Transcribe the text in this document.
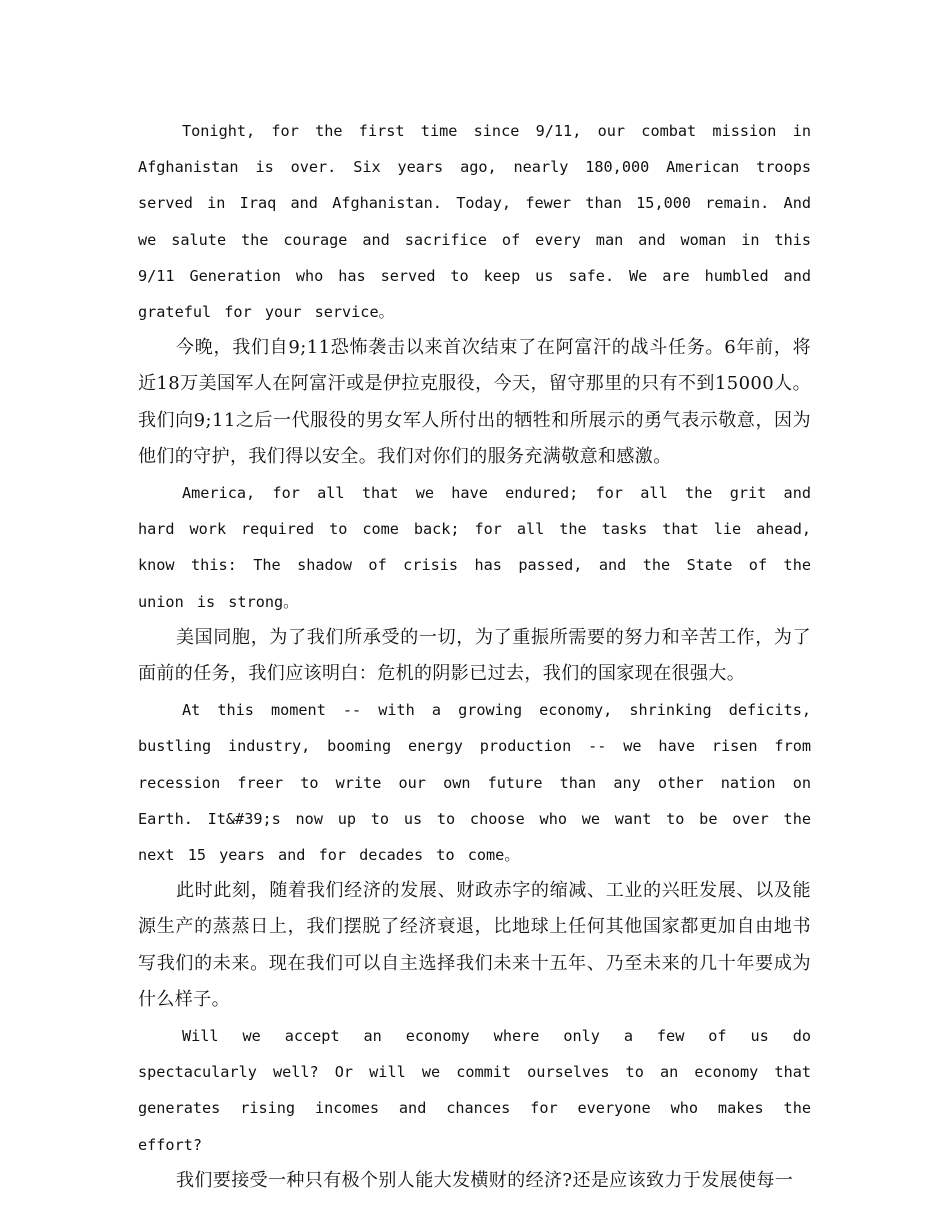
Tonight, for the first time since 9/11, our combat mission in Afghanistan is over. Six years ago, nearly 180,000 American troops served in Iraq and Afghanistan. Today, fewer than 15,000 remain. And we salute the courage and sacrifice of every man and woman in this 9/11 Generation who has served to keep us safe. We are humbled and grateful for your service。

今晚，我们自9;11恐怖袭击以来首次结束了在阿富汗的战斗任务。6年前，将近18万美国军人在阿富汗或是伊拉克服役，今天，留守那里的只有不到15000人。我们向9;11之后一代服役的男女军人所付出的牺牲和所展示的勇气表示敬意，因为他们的守护，我们得以安全。我们对你们的服务充满敬意和感激。

America, for all that we have endured; for all the grit and hard work required to come back; for all the tasks that lie ahead, know this: The shadow of crisis has passed, and the State of the union is strong。

美国同胞，为了我们所承受的一切，为了重振所需要的努力和辛苦工作，为了面前的任务，我们应该明白：危机的阴影已过去，我们的国家现在很强大。

At this moment -- with a growing economy, shrinking deficits, bustling industry, booming energy production -- we have risen from recession freer to write our own future than any other nation on Earth. It&#39;s now up to us to choose who we want to be over the next 15 years and for decades to come。

此时此刻，随着我们经济的发展、财政赤字的缩减、工业的兴旺发展、以及能源生产的蒸蒸日上，我们摆脱了经济衰退，比地球上任何其他国家都更加自由地书写我们的未来。现在我们可以自主选择我们未来十五年、乃至未来的几十年要成为什么样子。

Will we accept an economy where only a few of us do spectacularly well? Or will we commit ourselves to an economy that generates rising incomes and chances for everyone who makes the effort?

我们要接受一种只有极个别人能大发横财的经济?还是应该致力于发展使每一
